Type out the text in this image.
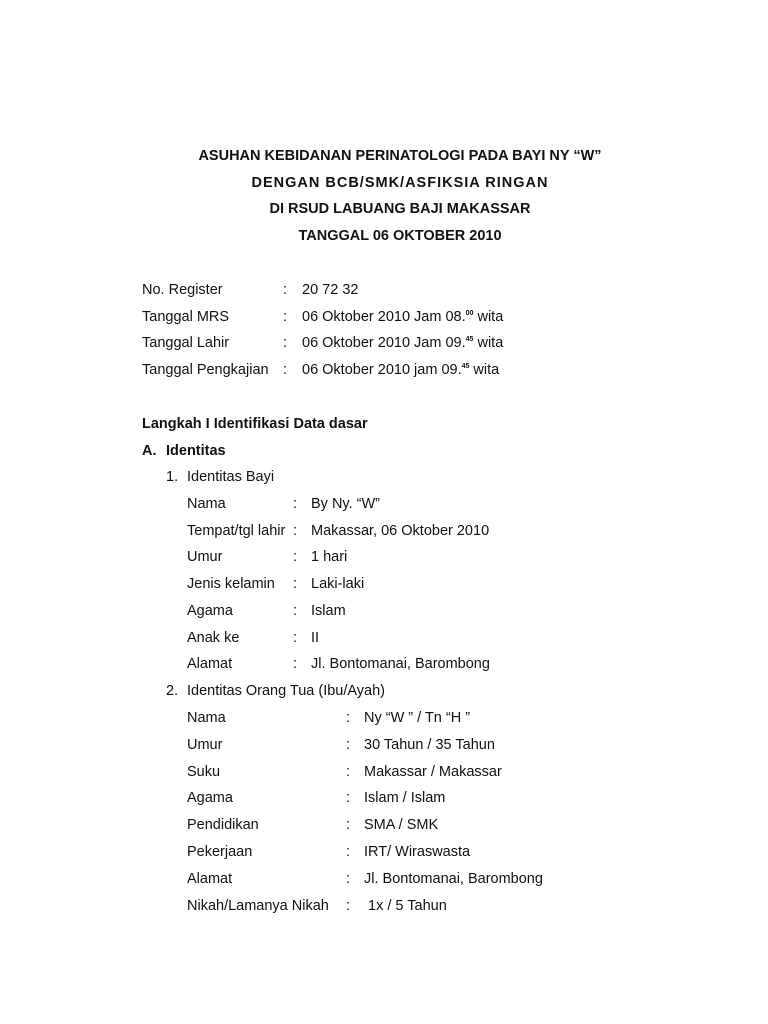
ASUHAN KEBIDANAN PERINATOLOGI PADA BAYI NY “W”
DENGAN BCB/SMK/ASFIKSIA RINGAN
DI RSUD LABUANG BAJI MAKASSAR
TANGGAL 06 OKTOBER 2010
No. Register	: 20 72 32
Tanggal MRS	: 06 Oktober 2010 Jam 08.00 wita
Tanggal Lahir	: 06 Oktober 2010 Jam 09.45 wita
Tanggal Pengkajian : 06 Oktober 2010 jam 09.45 wita
Langkah I Identifikasi Data dasar
A. Identitas
1. Identitas Bayi
Nama	: By Ny. “W”
Tempat/tgl lahir : Makassar, 06 Oktober 2010
Umur	: 1 hari
Jenis kelamin : Laki-laki
Agama	: Islam
Anak ke	: II
Alamat	: Jl. Bontomanai, Barombong
2. Identitas Orang Tua (Ibu/Ayah)
Nama	: Ny “W ” / Tn “H ”
Umur	: 30 Tahun / 35 Tahun
Suku	: Makassar / Makassar
Agama	: Islam / Islam
Pendidikan	: SMA / SMK
Pekerjaan	: IRT/ Wiraswasta
Alamat	: Jl. Bontomanai, Barombong
Nikah/Lamanya Nikah : 1x / 5 Tahun
